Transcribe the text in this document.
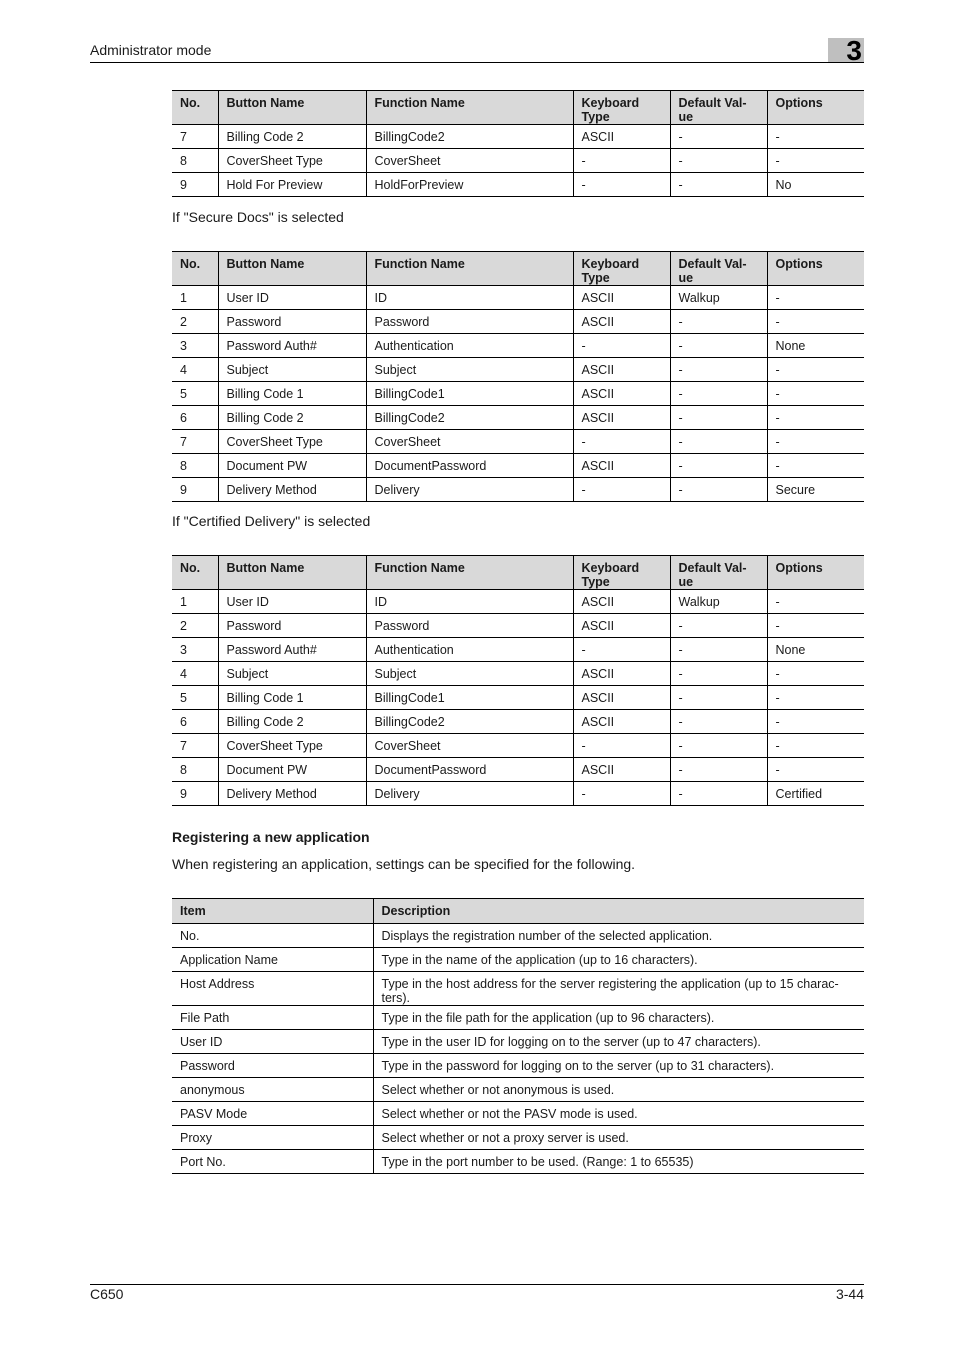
Administrator mode	3
No.	Button Name	Function Name	Keyboard Type	Default Val-ue	Options
7	Billing Code 2	BillingCode2	ASCII	-	-
8	CoverSheet Type	CoverSheet	-	-	-
9	Hold For Preview	HoldForPreview	-	-	No
If "Secure Docs" is selected
No.	Button Name	Function Name	Keyboard Type	Default Val-ue	Options
1	User ID	ID	ASCII	Walkup	-
2	Password	Password	ASCII	-	-
3	Password Auth#	Authentication	-	-	None
4	Subject	Subject	ASCII	-	-
5	Billing Code 1	BillingCode1	ASCII	-	-
6	Billing Code 2	BillingCode2	ASCII	-	-
7	CoverSheet Type	CoverSheet	-	-	-
8	Document PW	DocumentPassword	ASCII	-	-
9	Delivery Method	Delivery	-	-	Secure
If "Certified Delivery" is selected
No.	Button Name	Function Name	Keyboard Type	Default Val-ue	Options
1	User ID	ID	ASCII	Walkup	-
2	Password	Password	ASCII	-	-
3	Password Auth#	Authentication	-	-	None
4	Subject	Subject	ASCII	-	-
5	Billing Code 1	BillingCode1	ASCII	-	-
6	Billing Code 2	BillingCode2	ASCII	-	-
7	CoverSheet Type	CoverSheet	-	-	-
8	Document PW	DocumentPassword	ASCII	-	-
9	Delivery Method	Delivery	-	-	Certified
Registering a new application
When registering an application, settings can be specified for the following.
Item	Description
No.	Displays the registration number of the selected application.
Application Name	Type in the name of the application (up to 16 characters).
Host Address	Type in the host address for the server registering the application (up to 15 charac-ters).
File Path	Type in the file path for the application (up to 96 characters).
User ID	Type in the user ID for logging on to the server (up to 47 characters).
Password	Type in the password for logging on to the server (up to 31 characters).
anonymous	Select whether or not anonymous is used.
PASV Mode	Select whether or not the PASV mode is used.
Proxy	Select whether or not a proxy server is used.
Port No.	Type in the port number to be used. (Range: 1 to 65535)
C650	3-44
